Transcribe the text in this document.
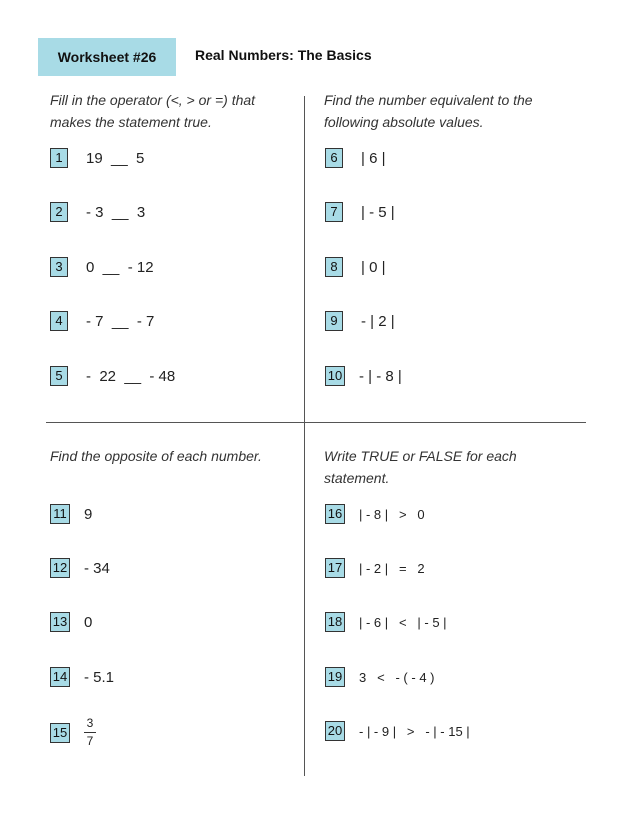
Worksheet #26	Real Numbers: The Basics
Fill in the operator (<, > or =) that makes the statement true.
1	19  __  5
2	- 3  __  3
3	0  __  - 12
4	- 7  __  - 7
5	-  22  __  - 48
Find the number equivalent to the following absolute values.
6	| 6 |
7	| - 5 |
8	| 0 |
9	- | 2 |
10 - | - 8 |
Find the opposite of each number.
11 9
12 - 34
13 0
14 - 5.1
$15 \frac{3}{7}$
Write TRUE or FALSE for each statement.
16 | - 8 |   >   0
17 | - 2 |   =   2
18 | - 6 |   <   | - 5 |
19 3   <   - ( - 4 )
20 - | - 9 |   >   - | - 15 |
